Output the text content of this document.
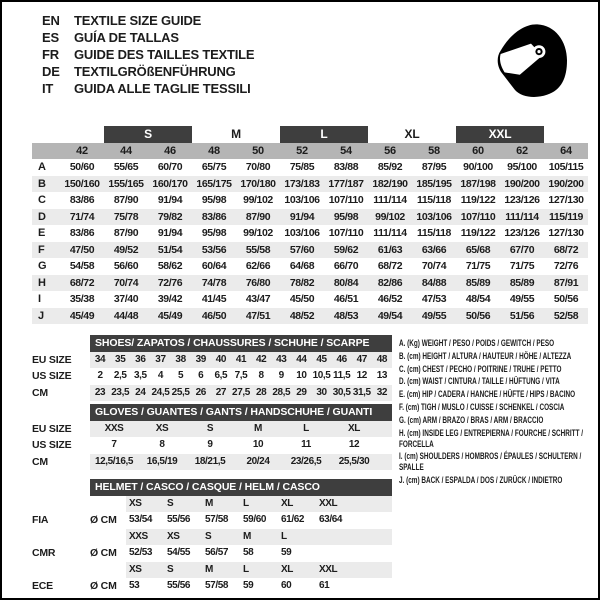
EN	TEXTILE SIZE GUIDE
ES	GUÍA DE TALLAS
FR	GUIDE DES TAILLES TEXTILE
DE	TEXTILGRÖßENFÜHRUNG
IT	GUIDA ALLE TAGLIE TESSILI
S	M	L	XL	XXL
42	44	46	48	50	52	54	56	58	60	62	64
A	50/60	55/65	60/70	65/75	70/80	75/85	83/88	85/92	87/95	90/100	95/100	105/115
B	150/160 155/165 160/170 165/175 170/180 173/183 177/187 182/190 185/195 187/198 190/200 190/200
C	83/86	87/90	91/94	95/98	99/102	103/106 107/110 111/114 115/118 119/122 123/126 127/130
D	71/74	75/78	79/82	83/86	87/90	91/94	95/98	99/102	103/106 107/110 111/114 115/119
E	83/86	87/90	91/94	95/98	99/102	103/106 107/110 111/114 115/118 119/122 123/126 127/130
F	47/50	49/52	51/54	53/56	55/58	57/60	59/62	61/63	63/66	65/68	67/70	68/72
G	54/58	56/60	58/62	60/64	62/66	64/68	66/70	68/72	70/74	71/75	71/75	72/76
H	68/72	70/74	72/76	74/78	76/80	78/82	80/84	82/86	84/88	85/89	85/89	87/91
I	35/38	37/40	39/42	41/45	43/47	45/50	46/51	46/52	47/53	48/54	49/55	50/56
J	45/49	44/48	45/49	46/50	47/51	48/52	48/53	49/54	49/55	50/56	51/56	52/58
SHOES/ ZAPATOS / CHAUSSURES / SCHUHE / SCARPE
EU SIZE	34 35 36 37 38 39 40 41 42 43 44 45 46 47 48
US SIZE	2	2,5 3,5	4	5	6	6,5 7,5	8	9	10 10,5 11,5 12 13
CM	23 23,5 24 24,5 25,5 26 27 27,5 28 28,5 29 30 30,5 31,5 32
GLOVES / GUANTES / GANTS / HANDSCHUHE / GUANTI
EU SIZE	XXS	XS	S	M	L	XL
US SIZE	7	8	9	10	11	12
CM	12,5/16,5	16,5/19	18/21,5	20/24	23/26,5	25,5/30
HELMET / CASCO / CASQUE / HELM / CASCO
XS	S	M	L	XL	XXL
FIA	Ø CM	53/54	55/56	57/58	59/60	61/62	63/64
XXS	XS	S	M	L
CMR	Ø CM	52/53	54/55	56/57	58	59
XS	S	M	L	XL	XXL
ECE	Ø CM	53	55/56	57/58	59	60	61
A. (Kg) WEIGHT / PESO / POIDS / GEWITCH / PESO
B. (cm) HEIGHT / ALTURA / HAUTEUR / HÖHE / ALTEZZA
C. (cm) CHEST / PECHO / POITRINE / TRUHE / PETTO
D. (cm) WAIST / CINTURA / TAILLE / HÜFTUNG / VITA
E. (cm) HIP / CADERA / HANCHE / HÜFTE / HIPS / BACINO
F. (cm) TIGH / MUSLO / CUISSE / SCHENKEL / COSCIA
G. (cm) ARM / BRAZO / BRAS / ARM / BRACCIO
H. (cm) INSIDE LEG / ENTREPIERNA / FOURCHE / SCHRITT / FORCELLA
I. (cm) SHOULDERS / HOMBROS / ÉPAULES / SCHULTERN / SPALLE
J. (cm) BACK / ESPALDA / DOS / ZURÜCK / INDIETRO
